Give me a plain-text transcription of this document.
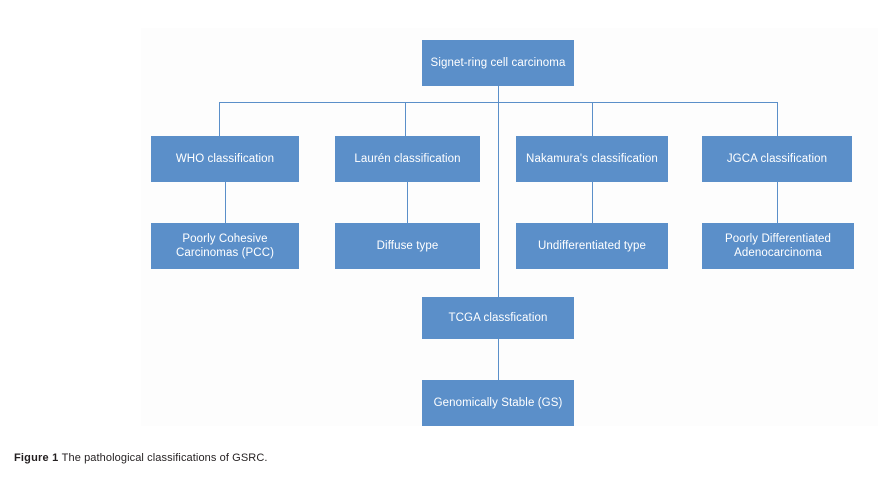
Signet-ring cell carcinoma
WHO classification	Laurén classification	Nakamura's classification	JGCA classification
Poorly Cohesive Carcinomas (PCC)
Diffuse type	Undifferentiated type
Poorly Differentiated Adenocarcinoma
TCGA classfication
Genomically Stable (GS)
Figure 1 The pathological classifications of GSRC.
